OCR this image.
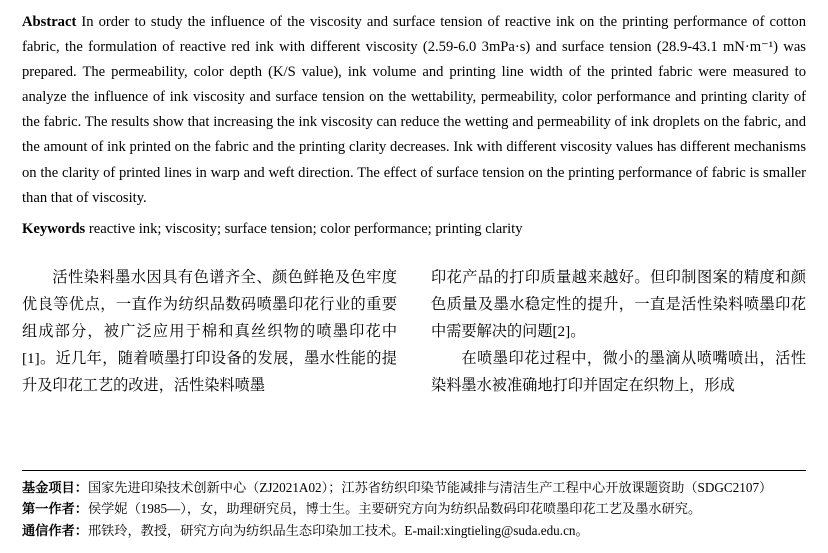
Abstract In order to study the influence of the viscosity and surface tension of reactive ink on the printing performance of cotton fabric, the formulation of reactive red ink with different viscosity (2.59-6.0 3mPa·s) and surface tension (28.9-43.1 mN·m⁻¹) was prepared. The permeability, color depth (K/S value), ink volume and printing line width of the printed fabric were measured to analyze the influence of ink viscosity and surface tension on the wettability, permeability, color performance and printing clarity of the fabric. The results show that increasing the ink viscosity can reduce the wetting and permeability of ink droplets on the fabric, and the amount of ink printed on the fabric and the printing clarity decreases. Ink with different viscosity values has different mechanisms on the clarity of printed lines in warp and weft direction. The effect of surface tension on the printing performance of fabric is smaller than that of viscosity.
Keywords reactive ink; viscosity; surface tension; color performance; printing clarity

活性染料墨水因具有色谱齐全、颜色鲜艳及色牢度优良等优点，一直作为纺织品数码喷墨印花行业的重要组成部分，被广泛应用于棉和真丝织物的喷墨印花中[1]。近几年，随着喷墨打印设备的发展，墨水性能的提升及印花工艺的改进，活性染料喷墨

印花产品的打印质量越来越好。但印制图案的精度和颜色质量及墨水稳定性的提升，一直是活性染料喷墨印花中需要解决的问题[2]。

在喷墨印花过程中，微小的墨滴从喷嘴喷出，活性染料墨水被准确地打印并固定在织物上，形成

基金项目：国家先进印染技术创新中心（ZJ2021A02）；江苏省纺织印染节能减排与清洁生产工程中心开放课题资助（SDGC2107）
第一作者：侯学妮（1985—），女，助理研究员，博士生。主要研究方向为纺织品数码印花喷墨印花工艺及墨水研究。
通信作者：邢铁玲，教授，研究方向为纺织品生态印染加工技术。E-mail:xingtieling@suda.edu.cn。
